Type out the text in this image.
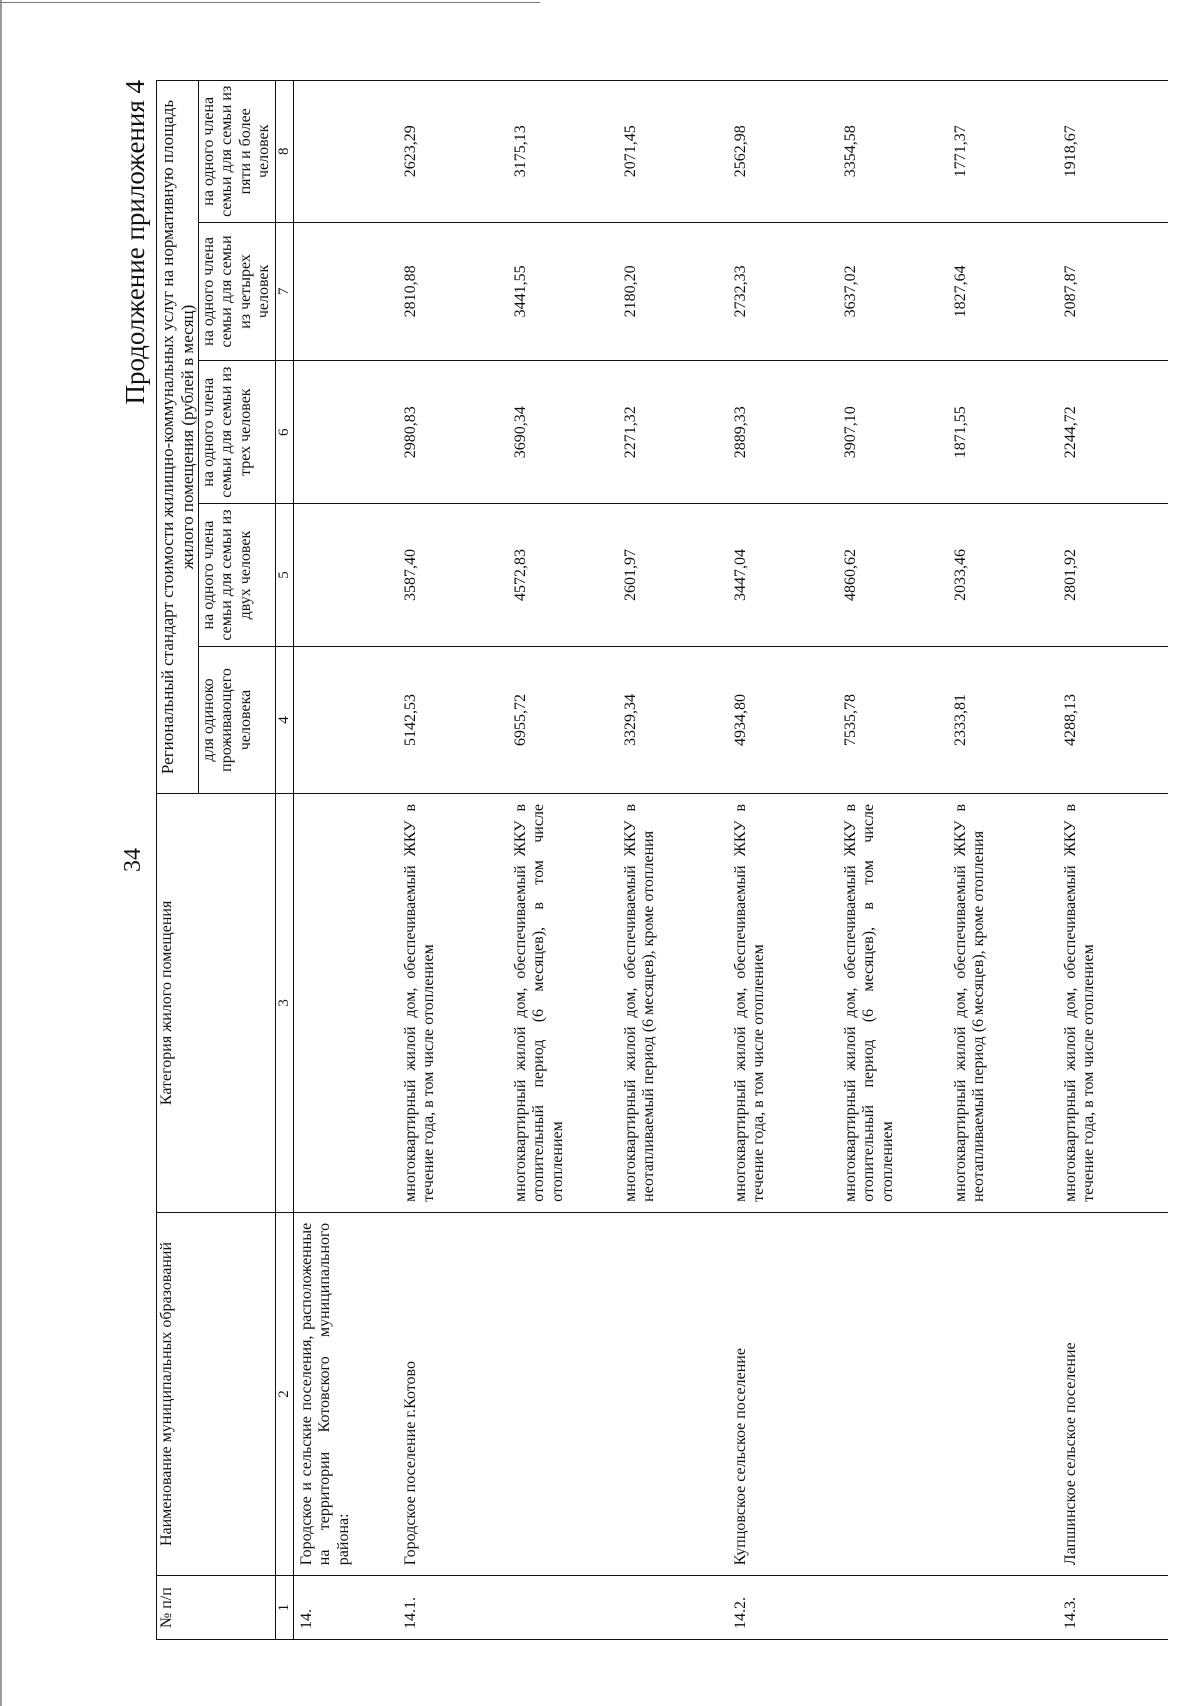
34
Продолжение приложения 4
№ п/п	Наименование муниципальных образований	Категория жилого помещения	Региональный стандарт стоимости жилищно-коммунальных услуг на нормативную площадь жилого помещения (рублей в месяц)				
			для одиноко проживающего человека	на одного члена семьи для семьи из двух человек	на одного члена семьи для семьи из трех человек	на одного члена семьи для семьи из четырех человек	на одного члена семьи для семьи из пяти и более человек
1	2	3	4	5	6	7	8
14.	Городское и сельские поселения, расположенные на территории Котовского муниципального района:						
14.1.	Городское поселение г.Котово	многоквартирный жилой дом, обеспечиваемый ЖКУ в течение года, в том числе отоплением	5142,53	3587,40	2980,83	2810,88	2623,29
		многоквартирный жилой дом, обеспечиваемый ЖКУ в отопительный период (6 месяцев), в том числе отоплением	6955,72	4572,83	3690,34	3441,55	3175,13
		многоквартирный жилой дом, обеспечиваемый ЖКУ в неотапливаемый период (6 месяцев), кроме отопления	3329,34	2601,97	2271,32	2180,20	2071,45
14.2.	Купцовское сельское поселение	многоквартирный жилой дом, обеспечиваемый ЖКУ в течение года, в том числе отоплением	4934,80	3447,04	2889,33	2732,33	2562,98
		многоквартирный жилой дом, обеспечиваемый ЖКУ в отопительный период (6 месяцев), в том числе отоплением	7535,78	4860,62	3907,10	3637,02	3354,58
		многоквартирный жилой дом, обеспечиваемый ЖКУ в неотапливаемый период (6 месяцев), кроме отопления	2333,81	2033,46	1871,55	1827,64	1771,37
14.3.	Лапшинское сельское поселение	многоквартирный жилой дом, обеспечиваемый ЖКУ в течение года, в том числе отоплением	4288,13	2801,92	2244,72	2087,87	1918,67
